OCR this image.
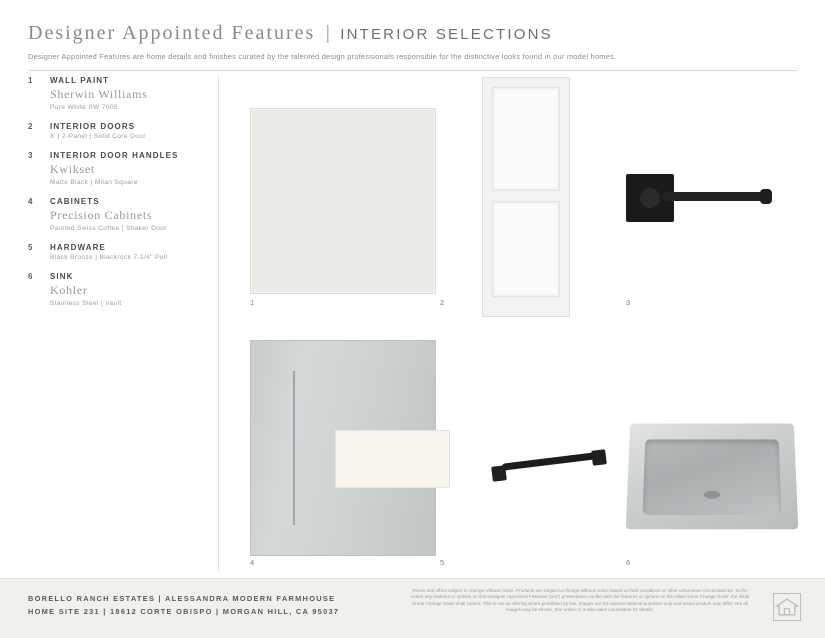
Designer Appointed Features | INTERIOR SELECTIONS
Designer Appointed Features are home details and finishes curated by the talented design professionals responsible for the distinctive looks found in our model homes.
1 WALL PAINT
Sherwin Williams
Pure White SW 7005
2 INTERIOR DOORS
8' | 2-Panel | Solid Core Door
3 INTERIOR DOOR HANDLES
Kwikset
Matte Black | Milan Square
4 CABINETS
Precision Cabinets
Painted Swiss Coffee | Shaker Door
5 HARDWARE
Black Bronze | Blackrock 7-1/4" Pull
6 SINK
Kohler
Stainless Steel | Vault	1	2	3
4	5	6
BORELLO RANCH ESTATES | ALESSANDRA MODERN FARMHOUSE
HOME SITE 231 | 18612 CORTE OBISPO | MORGAN HILL, CA 95037
Prices and offers subject to change without notice. Products are subject to change without notice based on field conditions or other unforeseen circumstances. To the extent any features or options on this Designer Appointed Features (DAF) presentation conflict with the features or options on the initial Home Change Order, the initial Home Change Order shall control. This is not an offering where prohibited by law. Images are for representational purposes only and actual product may differ. Not all images may be shown. See online or onsite sales consultants for details.
